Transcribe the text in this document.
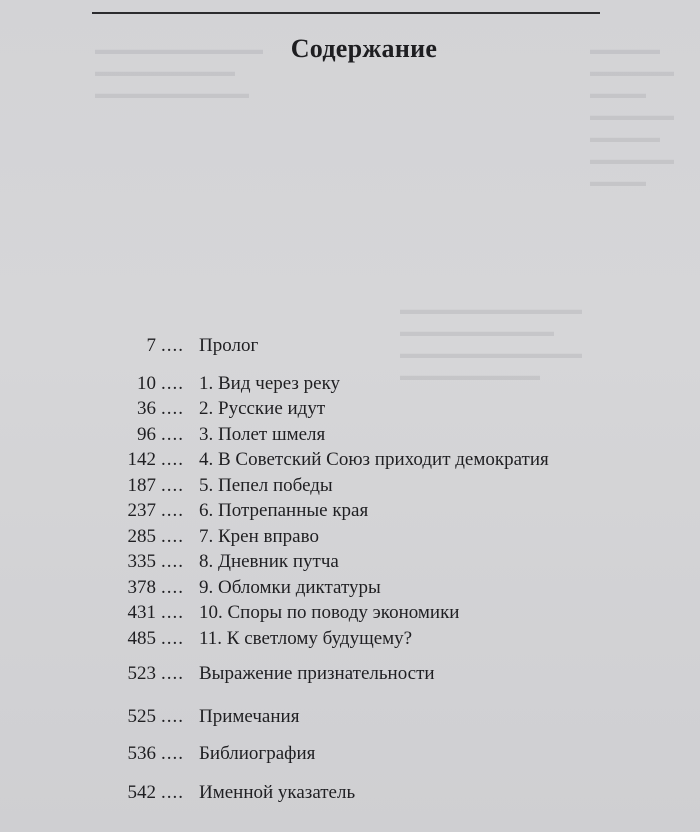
▬▬▬▬▬▬▬▬▬▬▬▬
▬▬▬▬▬▬▬▬▬▬
▬▬▬▬▬▬▬▬▬▬▬
▬▬▬▬▬
▬▬▬▬▬▬
▬▬▬▬
▬▬▬▬▬▬
▬▬▬▬▬
▬▬▬▬▬▬
▬▬▬▬
▬▬▬▬▬▬▬▬▬▬▬▬▬
▬▬▬▬▬▬▬▬▬▬▬
▬▬▬▬▬▬▬▬▬▬▬▬▬
▬▬▬▬▬▬▬▬▬▬
Содержание
7 .... Пролог
10 .... 1. Вид через реку
36 .... 2. Русские идут
96 .... 3. Полет шмеля
142 .... 4. В Советский Союз приходит демократия
187 .... 5. Пепел победы
237 .... 6. Потрепанные края
285 .... 7. Крен вправо
335 .... 8. Дневник путча
378 .... 9. Обломки диктатуры
431 .... 10. Споры по поводу экономики
485 .... 11. К светлому будущему?
523 .... Выражение признательности
525 .... Примечания
536 .... Библиография
542 .... Именной указатель
